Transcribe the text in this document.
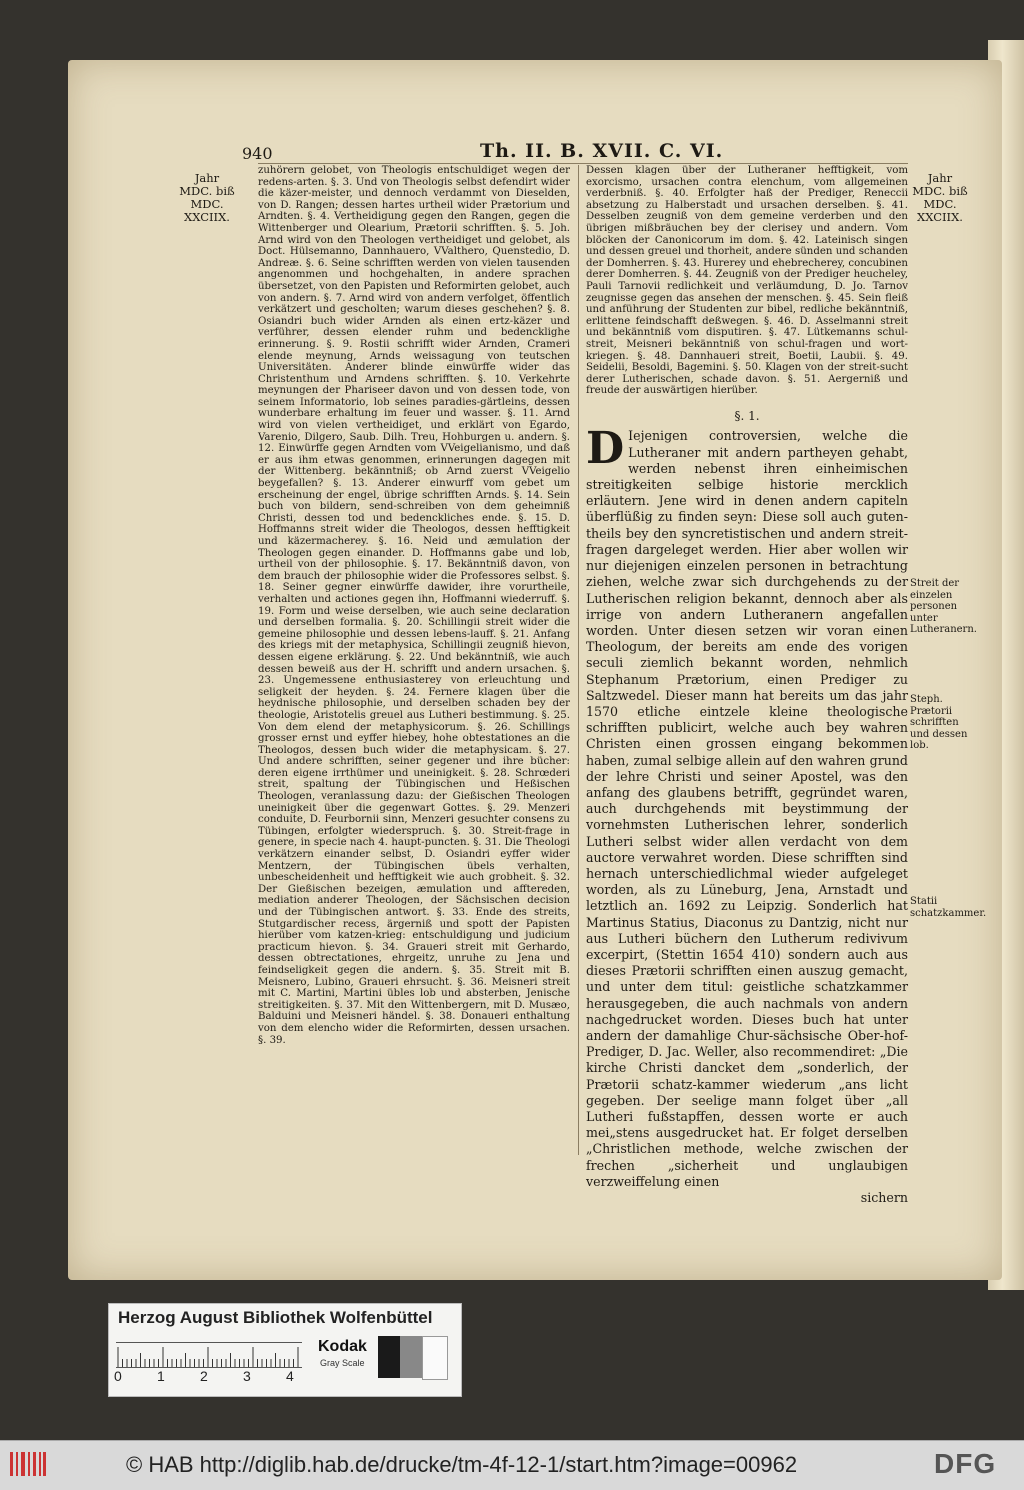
940	Th. II. B. XVII. C. VI.
Jahr
MDC. biß
MDC.
XXCIIX.
Jahr
MDC. biß
MDC.
XXCIIX.
Streit der einzelen personen unter Lutheranern.
Steph. Prætorii schrifften und dessen lob.
Statii schatzkammer.

zuhörern gelobet, von Theologis entschuldiget wegen der redens-arten. §. 3. Und von Theologis selbst defendirt wider die käzer-meister, und dennoch verdammt von Dieselden, von D. Rangen; dessen hartes urtheil wider Prætorium und Arndten. §. 4. Vertheidigung gegen den Rangen, gegen die Wittenberger und Olearium, Prætorii schrifften. §. 5. Joh. Arnd wird von den Theologen vertheidiget und gelobet, als Doct. Hülsemanno, Dannhauero, VValthero, Quenstedio, D. Andreæ. §. 6. Seine schrifften werden von vielen tausenden angenommen und hochgehalten, in andere sprachen übersetzet, von den Papisten und Reformirten gelobet, auch von andern. §. 7. Arnd wird von andern verfolget, öffentlich verkätzert und gescholten; warum dieses geschehen? §. 8. Osiandri buch wider Arnden als einen ertz-käzer und verführer, dessen elender ruhm und bedencklighe erinnerung. §. 9. Rostii schrifft wider Arnden, Crameri elende meynung, Arnds weissagung von teutschen Universitäten. Anderer blinde einwürffe wider das Christenthum und Arndens schrifften. §. 10. Verkehrte meynungen der Phariseer davon und von dessen tode, von seinem Informatorio, lob seines paradies-gärtleins, dessen wunderbare erhaltung im feuer und wasser. §. 11. Arnd wird von vielen vertheidiget, und erklärt von Egardo, Varenio, Dilgero, Saub. Dilh. Treu, Hohburgen u. andern. §. 12. Einwürffe gegen Arndten vom VVeigelianismo, und daß er aus ihm etwas genommen, erinnerungen dagegen mit der Wittenberg. bekänntniß; ob Arnd zuerst VVeigelio beygefallen? §. 13. Anderer einwurff vom gebet um erscheinung der engel, übrige schrifften Arnds. §. 14. Sein buch von bildern, send-schreiben von dem geheimniß Christi, dessen tod und bedenckliches ende. §. 15. D. Hoffmanns streit wider die Theologos, dessen hefftigkeit und käzermacherey. §. 16. Neid und æmulation der Theologen gegen einander. D. Hoffmanns gabe und lob, urtheil von der philosophie. §. 17. Bekänntniß davon, von dem brauch der philosophie wider die Professores selbst. §. 18. Seiner gegner einwürffe dawider, ihre vorurtheile, verhalten und actiones gegen ihn, Hoffmanni wiederruff. §. 19. Form und weise derselben, wie auch seine declaration und derselben formalia. §. 20. Schillingii streit wider die gemeine philosophie und dessen lebens-lauff. §. 21. Anfang des kriegs mit der metaphysica, Schillingii zeugniß hievon, dessen eigene erklärung. §. 22. Und bekänntniß, wie auch dessen beweiß aus der H. schrifft und andern ursachen. §. 23. Ungemessene enthusiasterey von erleuchtung und seligkeit der heyden. §. 24. Fernere klagen über die heydnische philosophie, und derselben schaden bey der theologie, Aristotelis greuel aus Lutheri bestimmung. §. 25. Von dem elend der metaphysicorum. §. 26. Schillings grosser ernst und eyffer hiebey, hohe obtestationes an die Theologos, dessen buch wider die metaphysicam. §. 27. Und andere schrifften, seiner gegener und ihre bücher: deren eigene irrthümer und uneinigkeit. §. 28. Schrœderi streit, spaltung der Tübingischen und Heßischen Theologen, veranlassung dazu: der Gießischen Theologen uneinigkeit über die gegenwart Gottes. §. 29. Menzeri conduite, D. Feurbornii sinn, Menzeri gesuchter consens zu Tübingen, erfolgter wiederspruch. §. 30. Streit-frage in genere, in specie nach 4. haupt-puncten. §. 31. Die Theologi verkätzern einander selbst, D. Osiandri eyffer wider Mentzern, der Tübingischen übels verhalten, unbescheidenheit und hefftigkeit wie auch grobheit. §. 32. Der Gießischen bezeigen, æmulation und afftereden, mediation anderer Theologen, der Sächsischen decision und der Tübingischen antwort. §. 33. Ende des streits, Stutgardischer recess, ärgerniß und spott der Papisten hierüber vom katzen-krieg: entschuldigung und judicium practicum hievon. §. 34. Graueri streit mit Gerhardo, dessen obtrectationes, ehrgeitz, unruhe zu Jena und feindseligkeit gegen die andern. §. 35. Streit mit B. Meisnero, Lubino, Graueri ehrsucht. §. 36. Meisneri streit mit C. Martini, Martini übles lob und absterben, Jenische streitigkeiten. §. 37. Mit den Wittenbergern, mit D. Musæo, Balduini und Meisneri händel. §. 38. Donaueri enthaltung von dem elencho wider die Reformirten, dessen ursachen. §. 39.

Dessen klagen über der Lutheraner hefftigkeit, vom exorcismo, ursachen contra elenchum, vom allgemeinen verderbniß. §. 40. Erfolgter haß der Prediger, Reneccii absetzung zu Halberstadt und ursachen derselben. §. 41. Desselben zeugniß von dem gemeine verderben und den übrigen mißbräuchen bey der clerisey und andern. Vom blöcken der Canonicorum im dom. §. 42. Lateinisch singen und dessen greuel und thorheit, andere sünden und schanden der Domherren. §. 43. Hurerey und ehebrecherey, concubinen derer Domherren. §. 44. Zeugniß von der Prediger heucheley, Pauli Tarnovii redlichkeit und verläumdung, D. Jo. Tarnov zeugnisse gegen das ansehen der menschen. §. 45. Sein fleiß und anführung der Studenten zur bibel, redliche bekänntniß, erlittene feindschafft deßwegen. §. 46. D. Asselmanni streit und bekänntniß vom disputiren. §. 47. Lütkemanns schul-streit, Meisneri bekänntniß von schul-fragen und wort-kriegen. §. 48. Dannhaueri streit, Boetii, Laubii. §. 49. Seidelii, Besoldi, Bagemini. §. 50. Klagen von der streit-sucht derer Lutherischen, schade davon. §. 51. Aergerniß und freude der auswärtigen hierüber.

§. 1.

D Iejenigen controversien, welche die Lutheraner mit andern partheyen gehabt, werden nebenst ihren einheimischen streitigkeiten selbige historie mercklich erläutern. Jene wird in denen andern capiteln überflüßig zu finden seyn: Diese soll auch guten-theils bey den syncretistischen und andern streit-fragen dargeleget werden. Hier aber wollen wir nur diejenigen einzelen personen in betrachtung ziehen, welche zwar sich durchgehends zu der Lutherischen religion bekannt, dennoch aber als irrige von andern Lutheranern angefallen worden. Unter diesen setzen wir voran einen Theologum, der bereits am ende des vorigen seculi ziemlich bekannt worden, nehmlich Stephanum Prætorium, einen Prediger zu Saltzwedel. Dieser mann hat bereits um das jahr 1570 etliche eintzele kleine theologische schrifften publicirt, welche auch bey wahren Christen einen grossen eingang bekommen haben, zumal selbige allein auf den wahren grund der lehre Christi und seiner Apostel, was den anfang des glaubens betrifft, gegründet waren, auch durchgehends mit beystimmung der vornehmsten Lutherischen lehrer, sonderlich Lutheri selbst wider allen verdacht von dem auctore verwahret worden. Diese schrifften sind hernach unterschiedlichmal wieder aufgeleget worden, als zu Lüneburg, Jena, Arnstadt und letztlich an. 1692 zu Leipzig. Sonderlich hat Martinus Statius, Diaconus zu Dantzig, nicht nur aus Lutheri büchern den Lutherum redivivum excerpirt, (Stettin 1654 410) sondern auch aus dieses Prætorii schrifften einen auszug gemacht, und unter dem titul: geistliche schatzkammer herausgegeben, die auch nachmals von andern nachgedrucket worden. Dieses buch hat unter andern der damahlige Chur-sächsische Ober-hof-Prediger, D. Jac. Weller, also recommendiret: „Die kirche Christi dancket dem „sonderlich, der Prætorii schatz-kammer wiederum „ans licht gegeben. Der seelige mann folget über „all Lutheri fußstapffen, dessen worte er auch mei„stens ausgedrucket hat. Er folget derselben „Christlichen methode, welche zwischen der frechen „sicherheit und unglaubigen verzweiffelung einen

sichern
Herzog August Bibliothek Wolfenbüttel
0	1	2	3	4
Kodak
Gray Scale
© HAB http://diglib.hab.de/drucke/tm-4f-12-1/start.htm?image=00962	DFG
